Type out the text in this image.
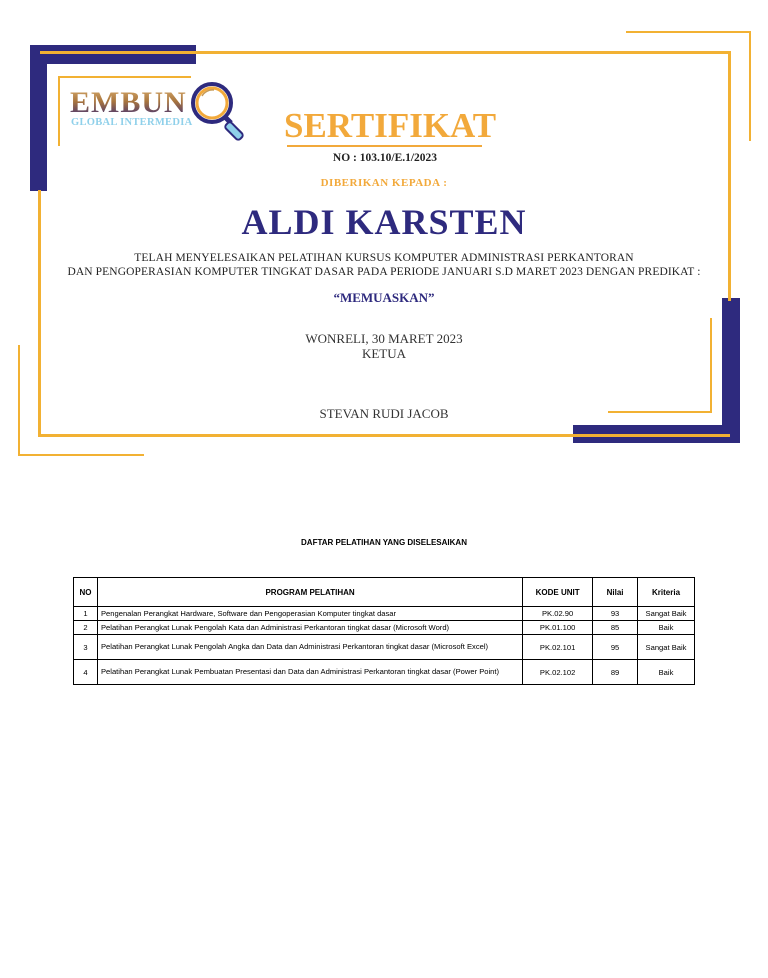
EMBUN
GLOBAL INTERMEDIA	SERTIFIKAT
NO : 103.10/E.1/2023
DIBERIKAN KEPADA :
ALDI KARSTEN
TELAH MENYELESAIKAN PELATIHAN KURSUS KOMPUTER ADMINISTRASI PERKANTORAN
DAN PENGOPERASIAN KOMPUTER TINGKAT DASAR PADA PERIODE JANUARI S.D MARET 2023 DENGAN PREDIKAT :
“MEMUASKAN”
WONRELI, 30 MARET 2023
KETUA
STEVAN RUDI JACOB
DAFTAR PELATIHAN YANG DISELESAIKAN
NO	PROGRAM PELATIHAN	KODE UNIT	Nilai	Kriteria
1	Pengenalan Perangkat Hardware, Software dan Pengoperasian Komputer tingkat dasar	PK.02.90	93	Sangat Baik
2	Pelatihan Perangkat Lunak Pengolah Kata dan Administrasi Perkantoran tingkat dasar (Microsoft Word)	PK.01.100	85	Baik
3	Pelatihan Perangkat Lunak Pengolah Angka dan Data dan Administrasi Perkantoran tingkat dasar (Microsoft Excel)	PK.02.101	95	Sangat Baik
4	Pelatihan Perangkat Lunak Pembuatan Presentasi dan Data dan Administrasi Perkantoran tingkat dasar (Power Point)	PK.02.102	89	Baik
